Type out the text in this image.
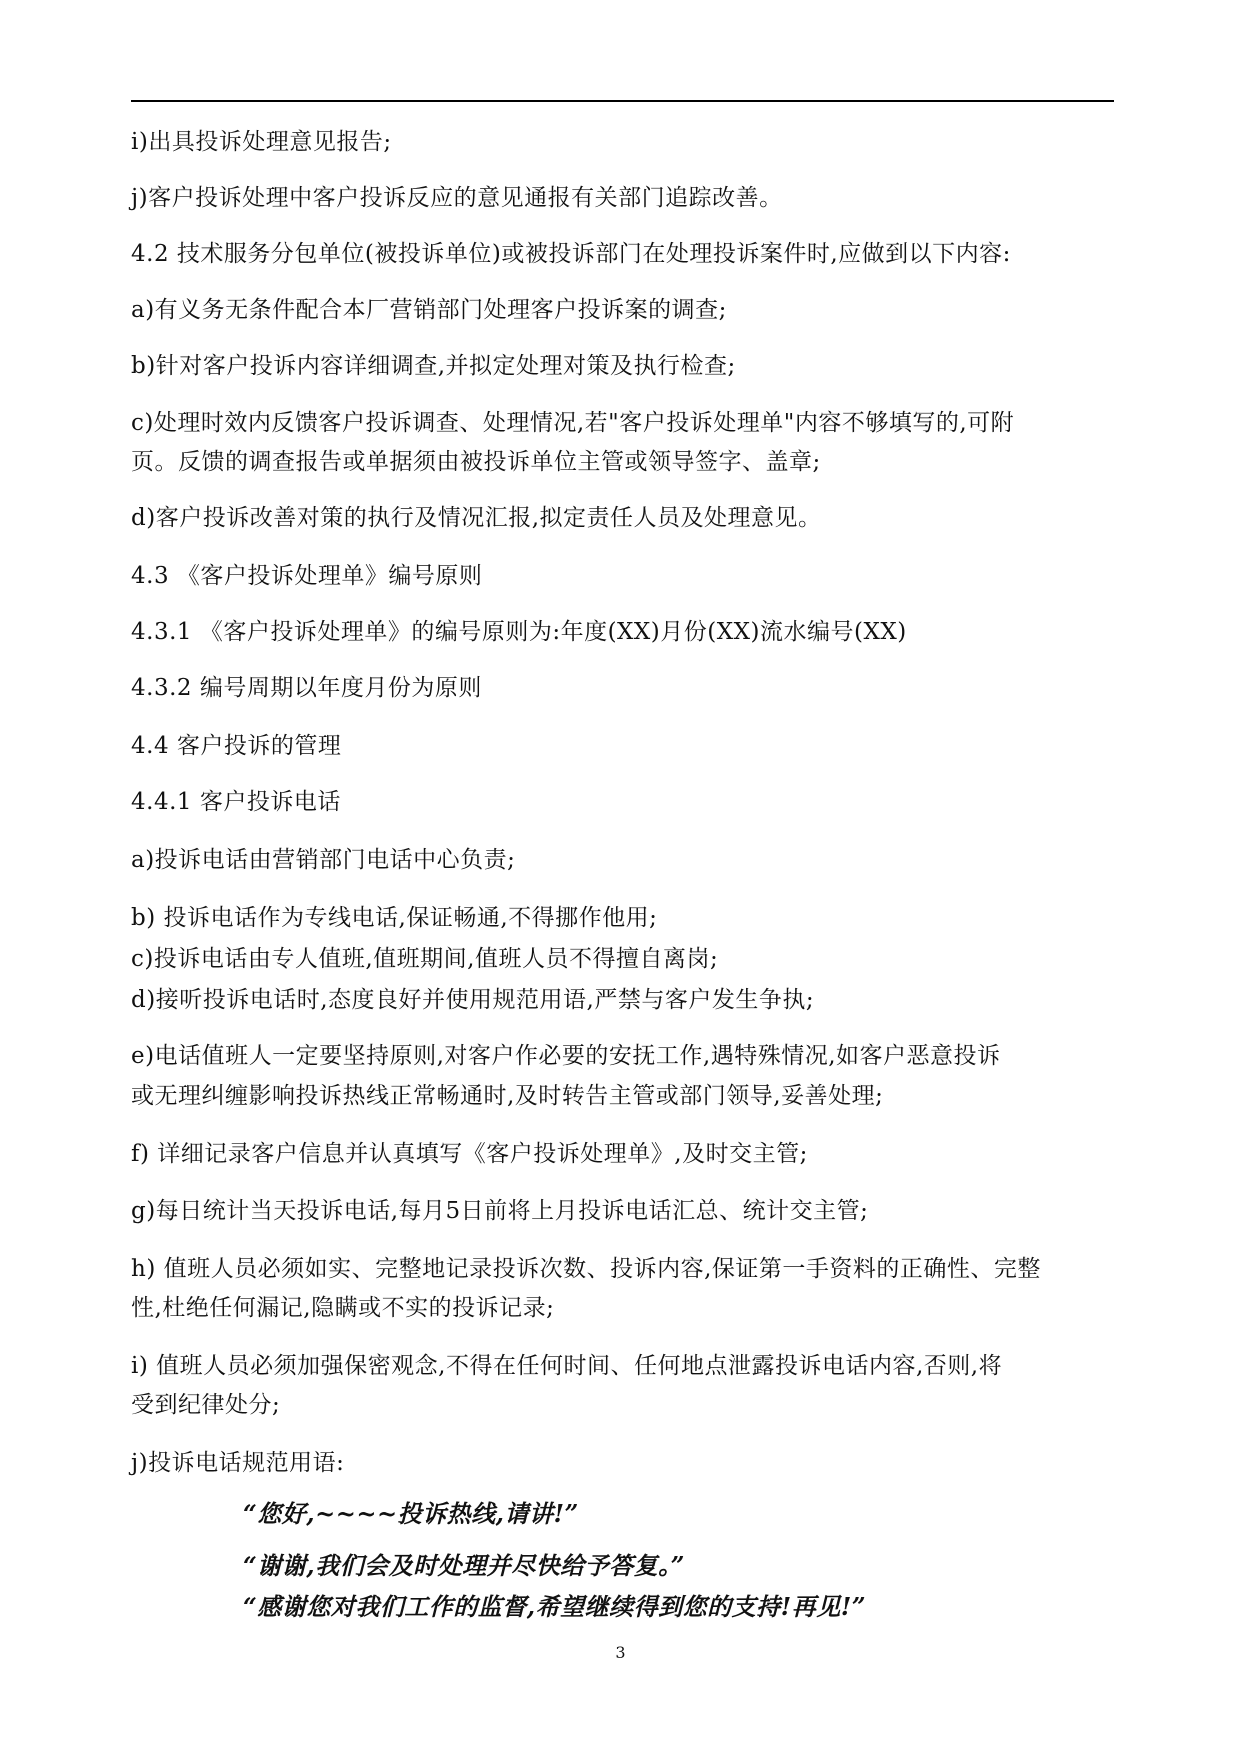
i)出具投诉处理意见报告;

j)客户投诉处理中客户投诉反应的意见通报有关部门追踪改善。

4.2 技术服务分包单位(被投诉单位)或被投诉部门在处理投诉案件时,应做到以下内容:

a)有义务无条件配合本厂营销部门处理客户投诉案的调查;

b)针对客户投诉内容详细调查,并拟定处理对策及执行检查;

c)处理时效内反馈客户投诉调查、处理情况,若"客户投诉处理单"内容不够填写的,可附

页。反馈的调查报告或单据须由被投诉单位主管或领导签字、盖章;

d)客户投诉改善对策的执行及情况汇报,拟定责任人员及处理意见。

4.3 《客户投诉处理单》编号原则

4.3.1 《客户投诉处理单》的编号原则为:年度(XX)月份(XX)流水编号(XX)

4.3.2 编号周期以年度月份为原则

4.4 客户投诉的管理

4.4.1 客户投诉电话

a)投诉电话由营销部门电话中心负责;

b) 投诉电话作为专线电话,保证畅通,不得挪作他用;

c)投诉电话由专人值班,值班期间,值班人员不得擅自离岗;

d)接听投诉电话时,态度良好并使用规范用语,严禁与客户发生争执;

e)电话值班人一定要坚持原则,对客户作必要的安抚工作,遇特殊情况,如客户恶意投诉

或无理纠缠影响投诉热线正常畅通时,及时转告主管或部门领导,妥善处理;

f) 详细记录客户信息并认真填写《客户投诉处理单》,及时交主管;

g)每日统计当天投诉电话,每月5日前将上月投诉电话汇总、统计交主管;

h) 值班人员必须如实、完整地记录投诉次数、投诉内容,保证第一手资料的正确性、完整

性,杜绝任何漏记,隐瞒或不实的投诉记录;

i) 值班人员必须加强保密观念,不得在任何时间、任何地点泄露投诉电话内容,否则,将

受到纪律处分;

j)投诉电话规范用语:

“您好,~~~~投诉热线,请讲!”

“谢谢,我们会及时处理并尽快给予答复。”

“感谢您对我们工作的监督,希望继续得到您的支持!再见!”

3
